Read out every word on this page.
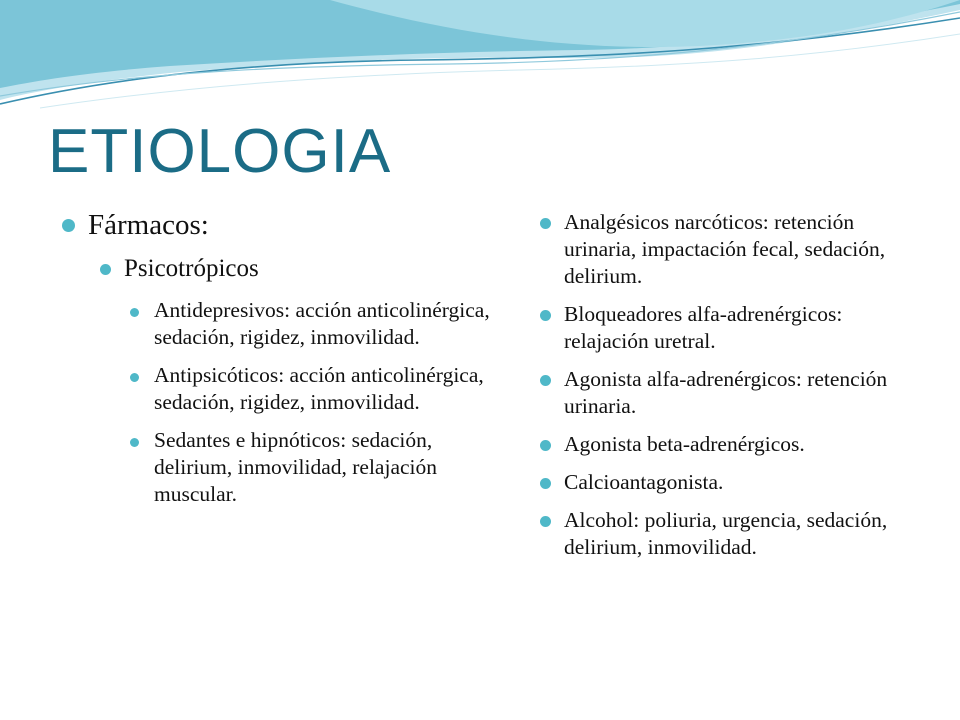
ETIOLOGIA
Fármacos:
Psicotrópicos
Antidepresivos: acción anticolinérgica, sedación, rigidez, inmovilidad.
Antipsicóticos: acción anticolinérgica, sedación, rigidez, inmovilidad.
Sedantes e hipnóticos: sedación, delirium, inmovilidad, relajación muscular.
Analgésicos narcóticos: retención urinaria, impactación fecal, sedación, delirium.
Bloqueadores alfa-adrenérgicos: relajación uretral.
Agonista alfa-adrenérgicos: retención urinaria.
Agonista beta-adrenérgicos.
Calcioantagonista.
Alcohol: poliuria, urgencia, sedación, delirium, inmovilidad.
